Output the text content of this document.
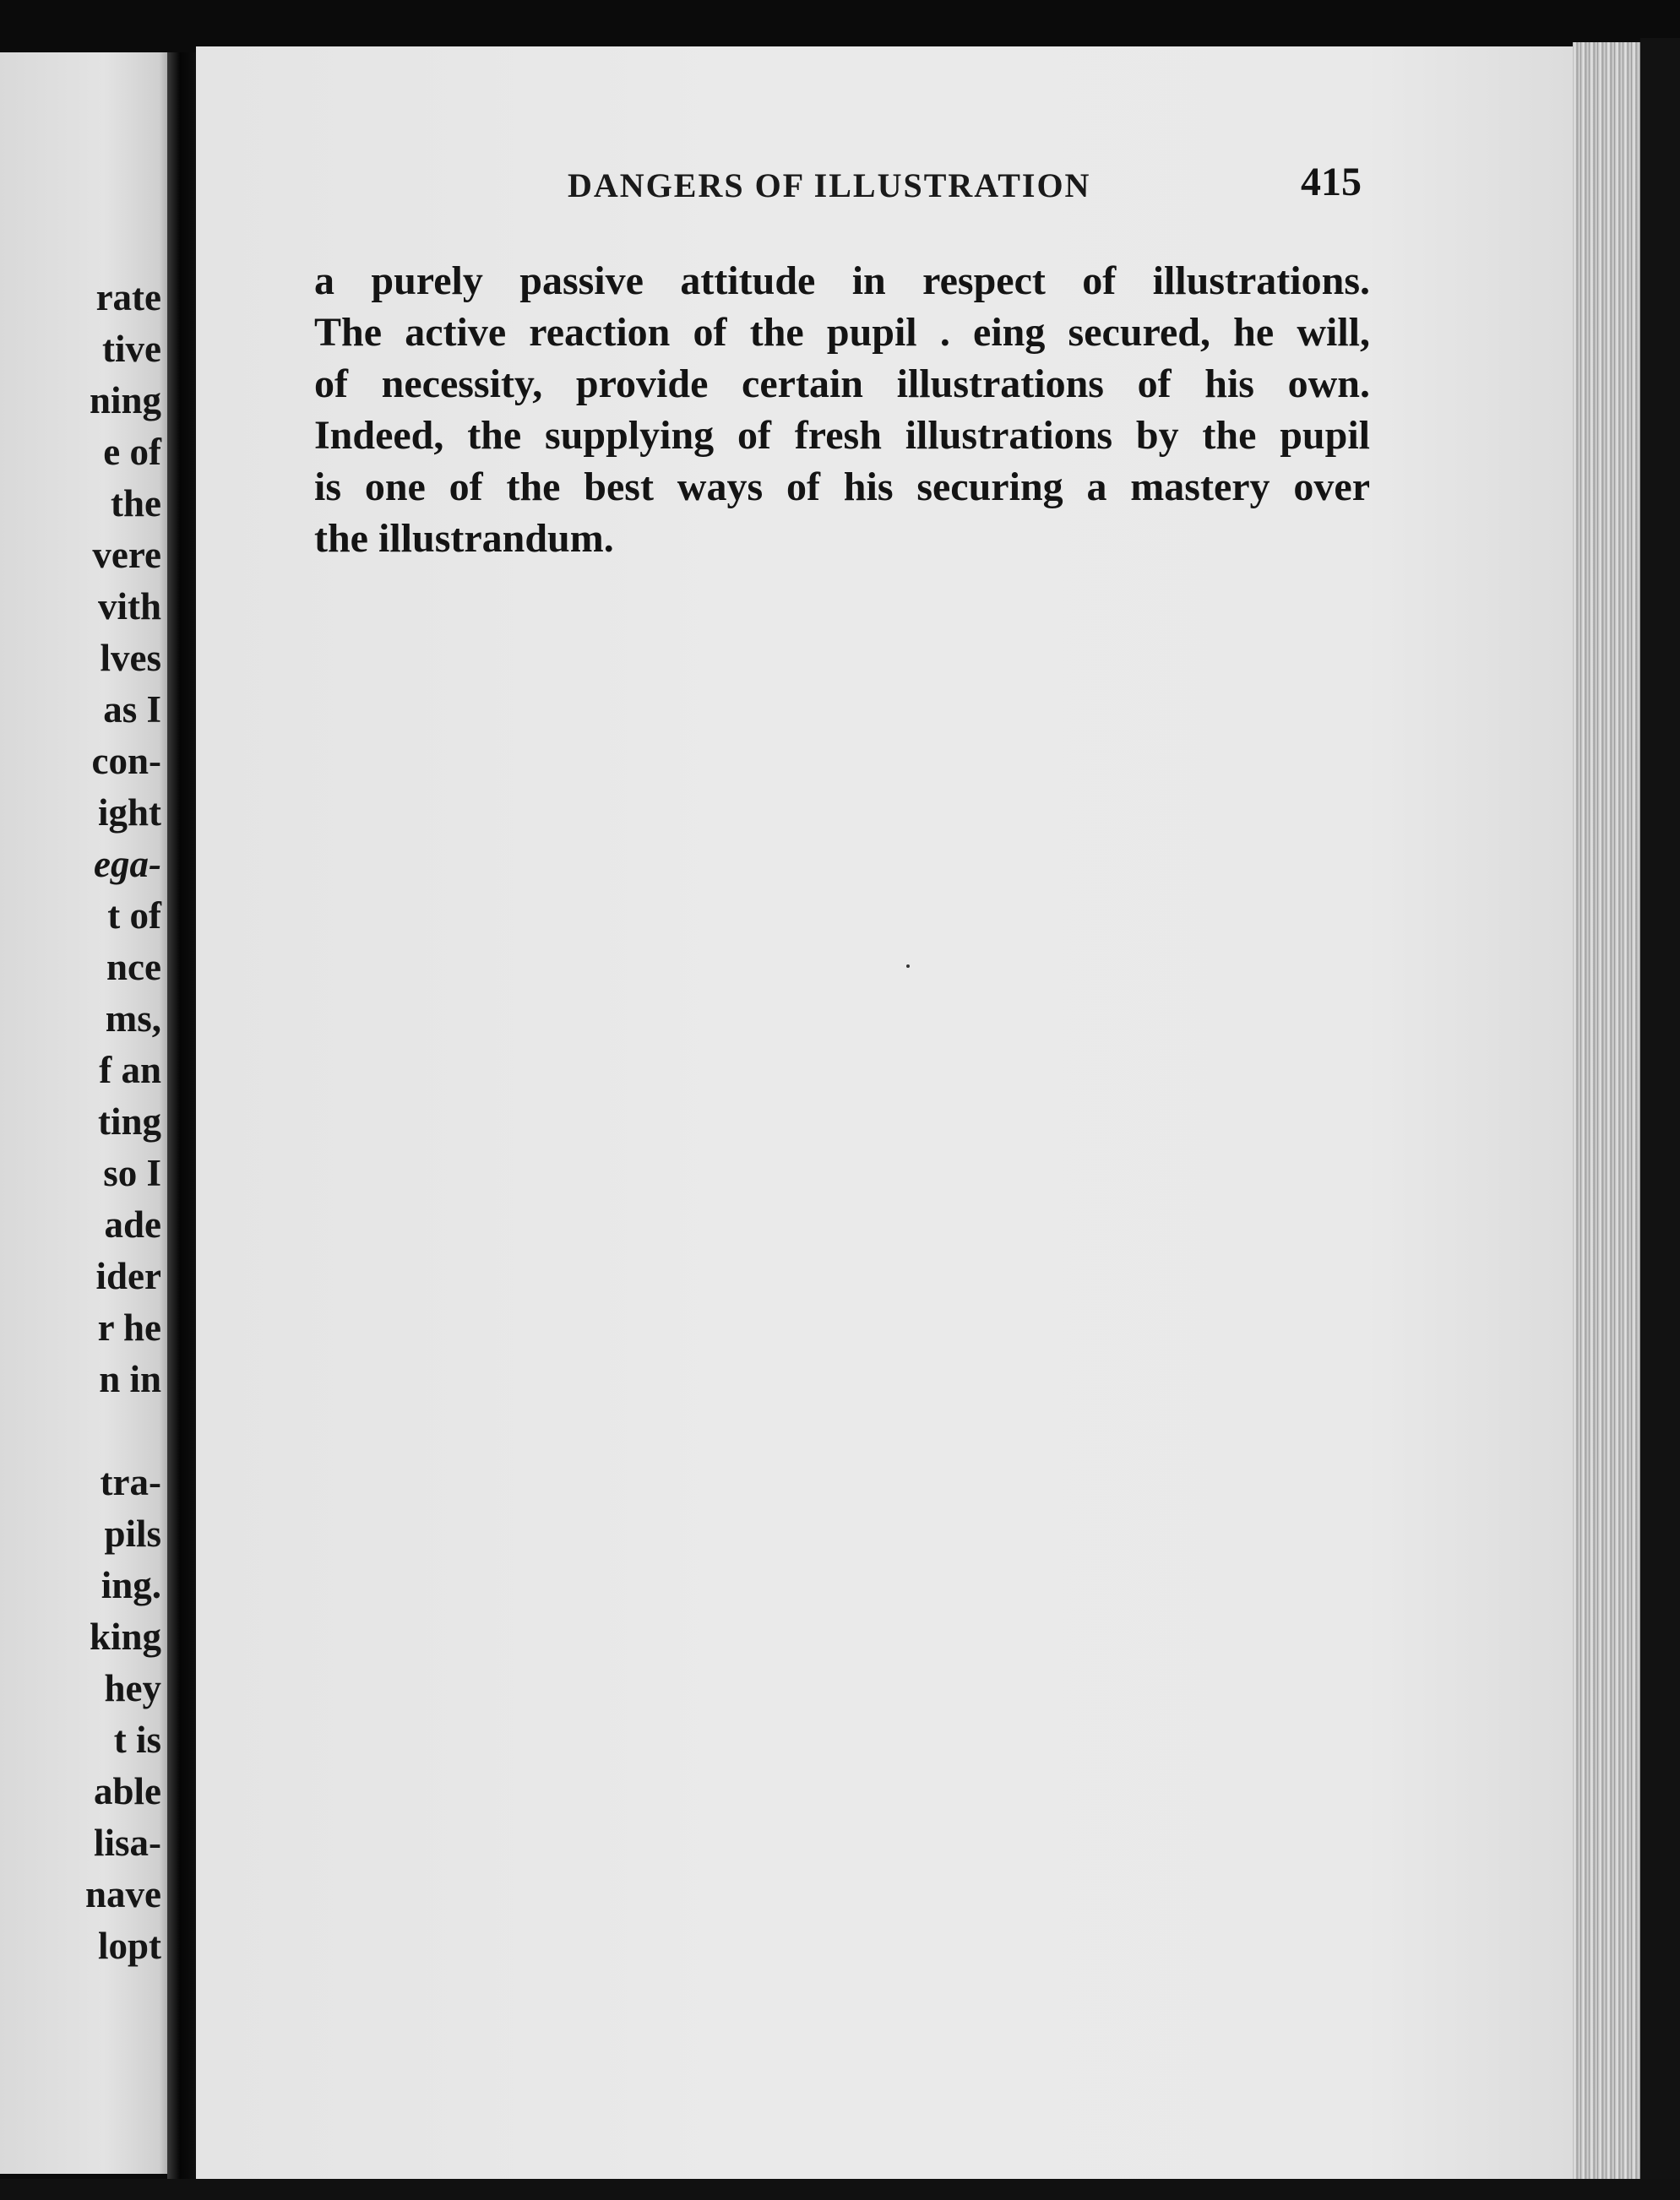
rate
tive
ning
e of
the
vere
vith
lves
as I
con-
ight
ega-
t of
nce
ms,
f an
ting
so I
ade
ider
r he
n in
tra-
pils
ing.
king
hey
t is
able
lisa-
nave
lopt
DANGERS OF ILLUSTRATION	415
a purely passive attitude in respect of illustrations.
The active reaction of the pupil . eing secured, he will,
of necessity, provide certain illustrations of his own.
Indeed, the supplying of fresh illustrations by the pupil
is one of the best ways of his securing a mastery over
the illustrandum.
